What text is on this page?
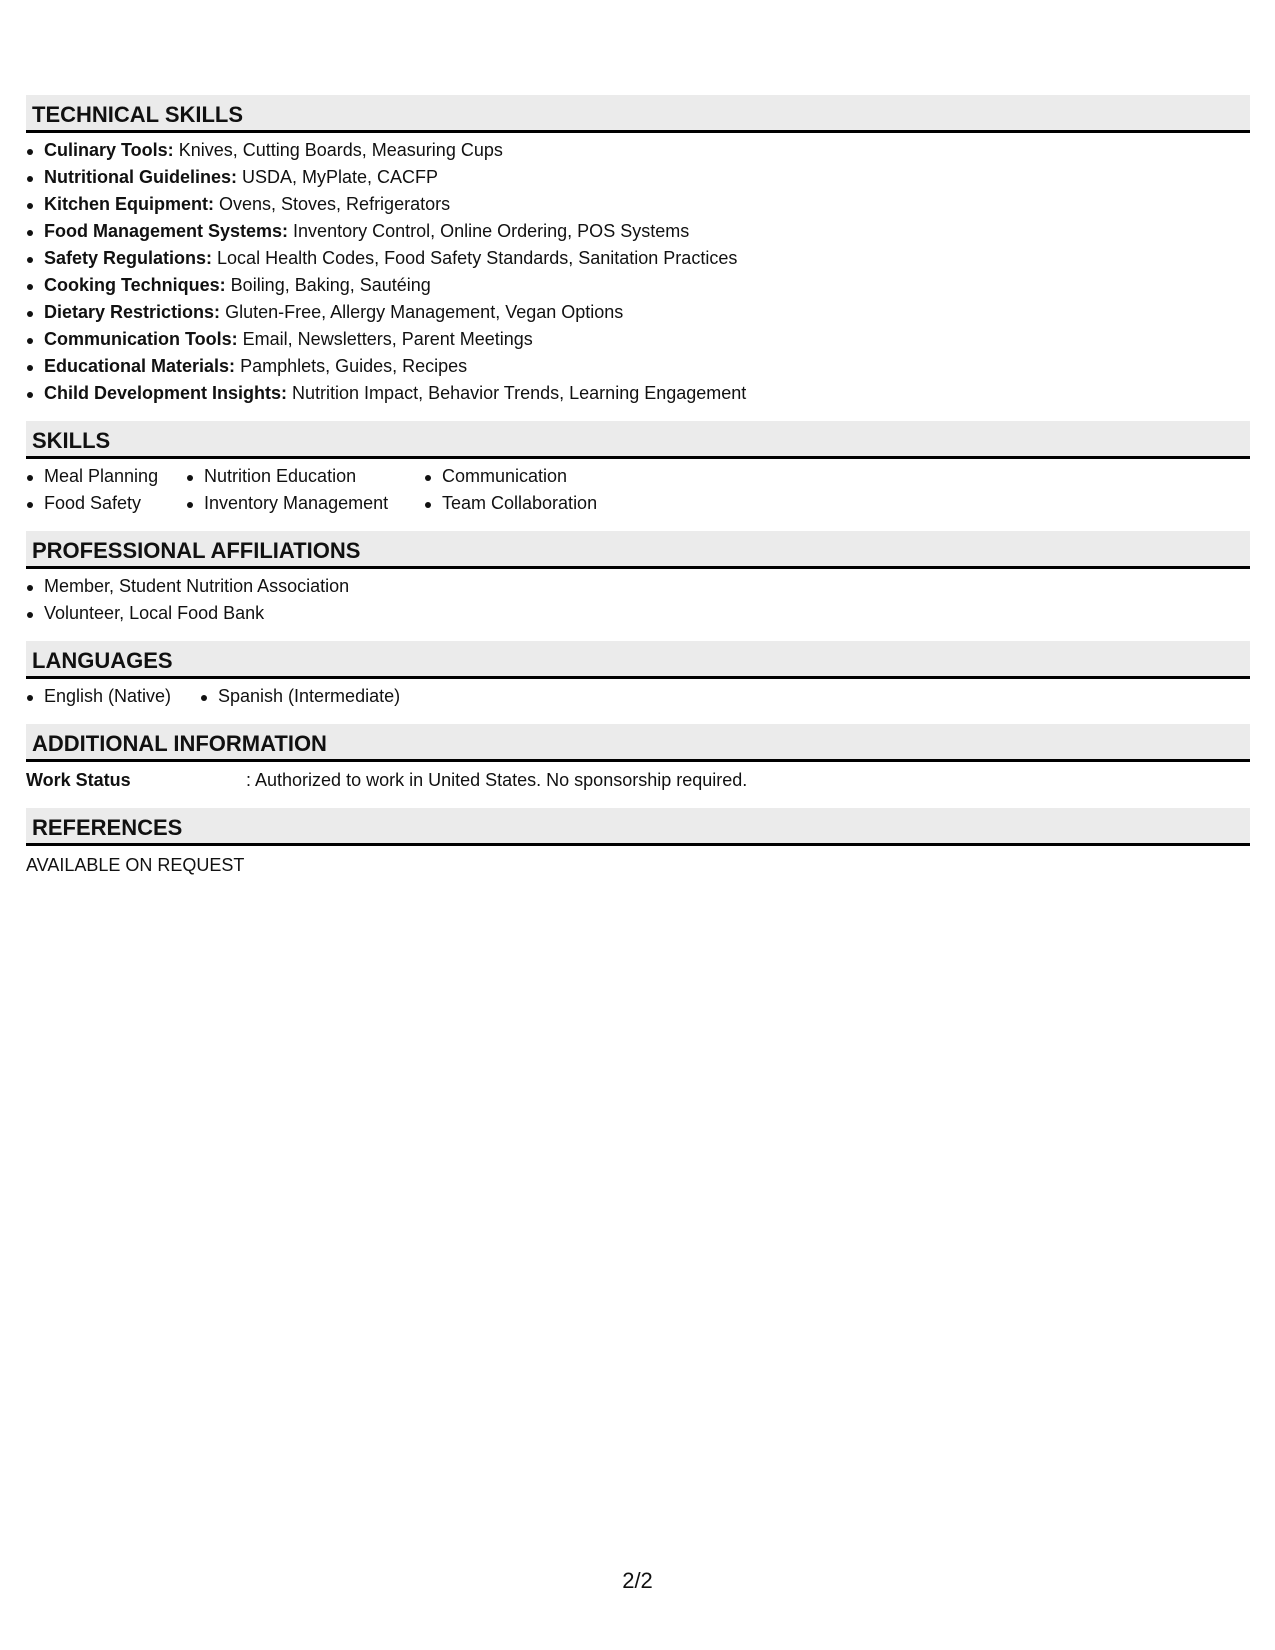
TECHNICAL SKILLS
Culinary Tools: Knives, Cutting Boards, Measuring Cups
Nutritional Guidelines: USDA, MyPlate, CACFP
Kitchen Equipment: Ovens, Stoves, Refrigerators
Food Management Systems: Inventory Control, Online Ordering, POS Systems
Safety Regulations: Local Health Codes, Food Safety Standards, Sanitation Practices
Cooking Techniques: Boiling, Baking, Sautéing
Dietary Restrictions: Gluten-Free, Allergy Management, Vegan Options
Communication Tools: Email, Newsletters, Parent Meetings
Educational Materials: Pamphlets, Guides, Recipes
Child Development Insights: Nutrition Impact, Behavior Trends, Learning Engagement
SKILLS
Meal Planning
Food Safety
Nutrition Education
Inventory Management
Communication
Team Collaboration
PROFESSIONAL AFFILIATIONS
Member, Student Nutrition Association
Volunteer, Local Food Bank
LANGUAGES
English (Native)	Spanish (Intermediate)
ADDITIONAL INFORMATION
Work Status	: Authorized to work in United States. No sponsorship required.
REFERENCES
AVAILABLE ON REQUEST
2/2
